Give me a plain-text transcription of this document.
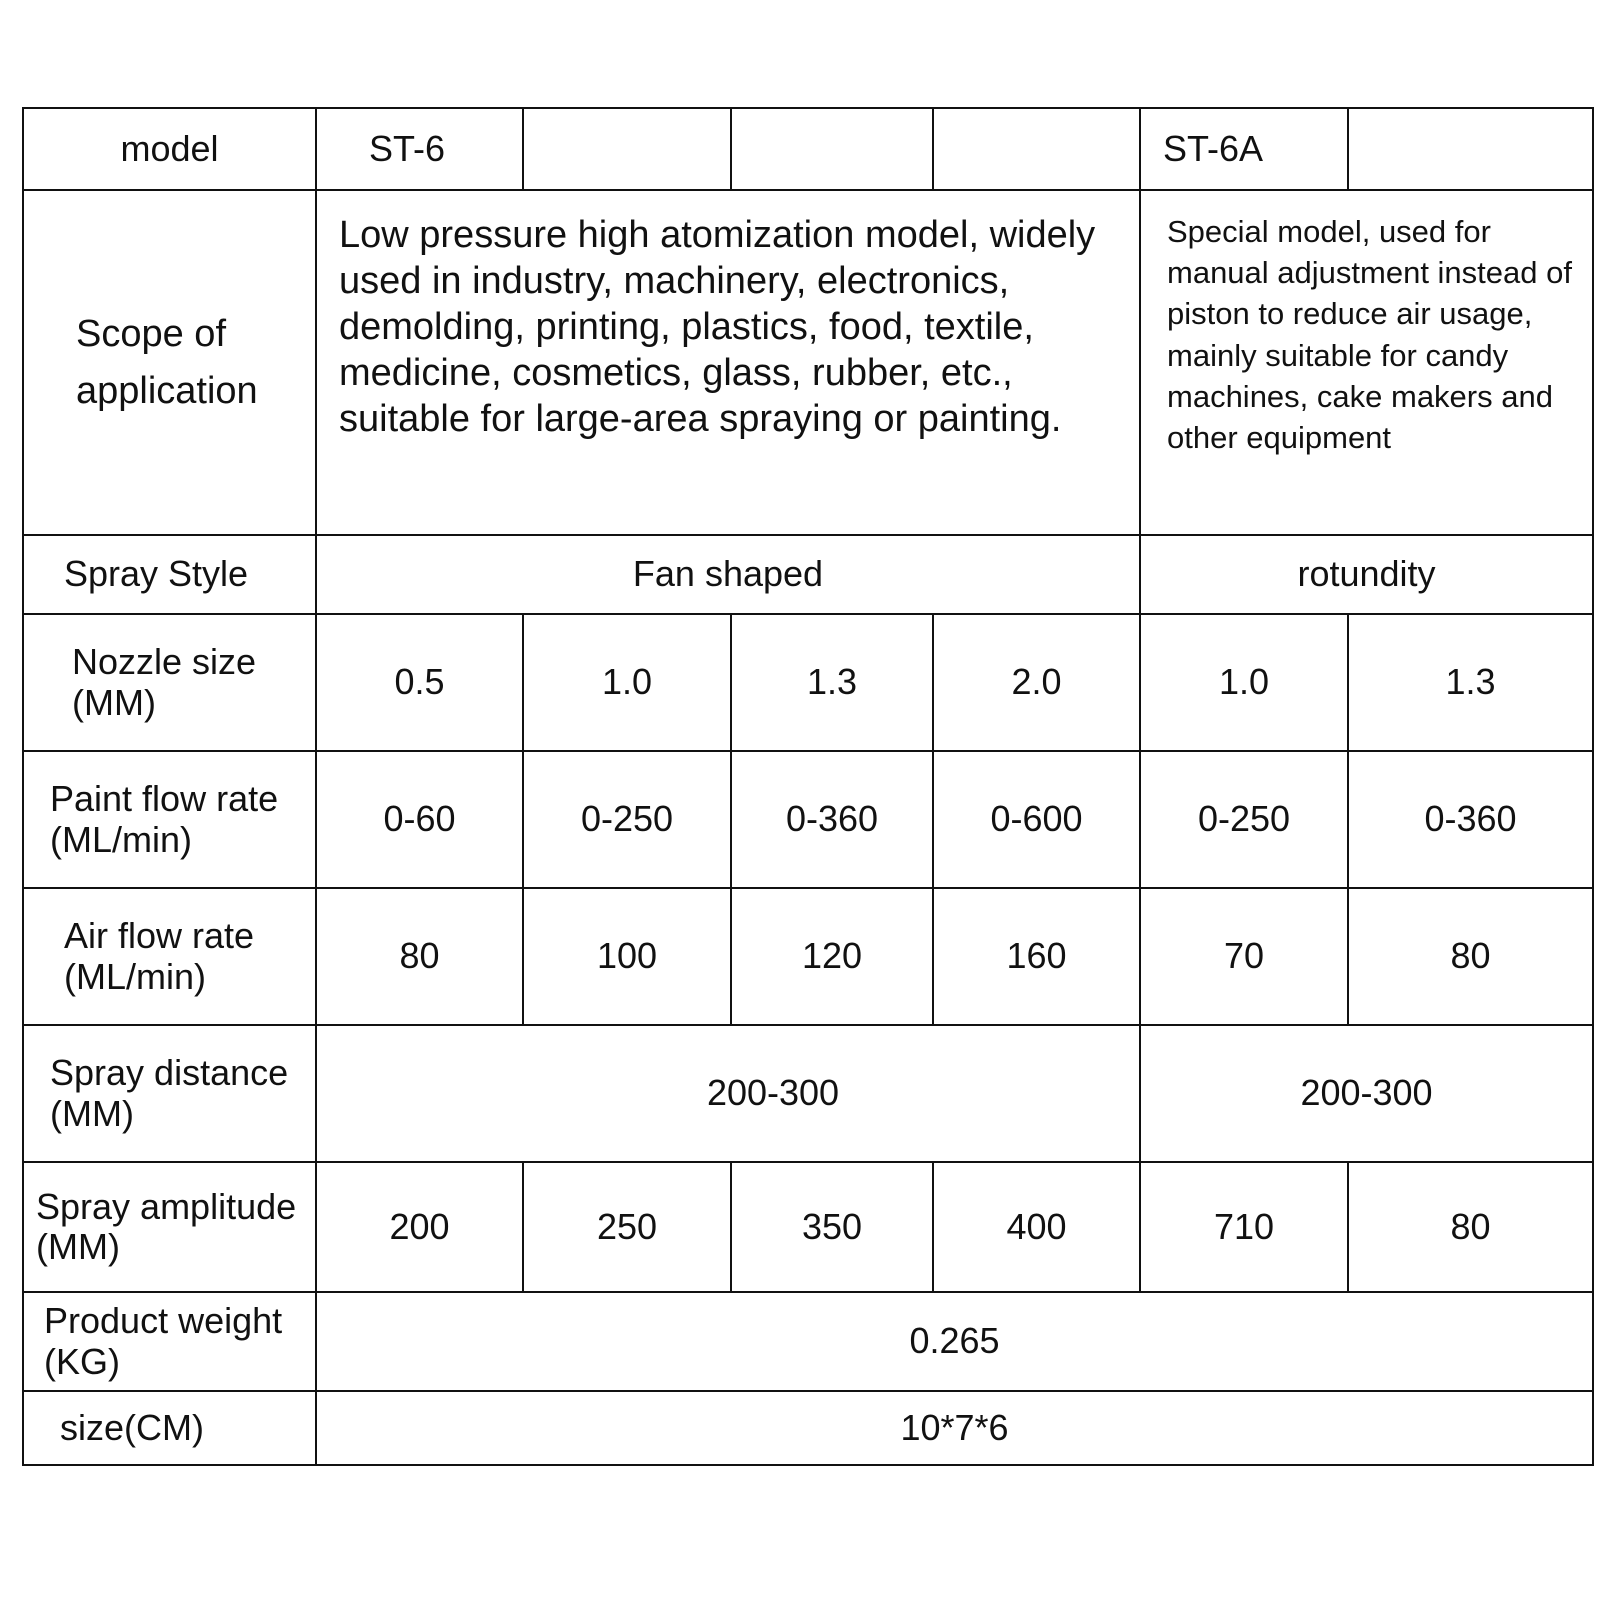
model	ST-6				ST-6A	

Scope of
application	Low pressure high atomization model, widely used in industry, machinery, electronics, demolding, printing, plastics, food, textile, medicine, cosmetics, glass, rubber, etc., suitable for large-area spraying or painting.				Special model, used for manual adjustment instead of piston to reduce air usage, mainly suitable for candy machines, cake makers and other equipment	
Spray Style	Fan shaped				rotundity	

Nozzle size
(MM)	0.5	1.0	1.3	2.0	1.0	1.3

Paint flow rate
(ML/min)	0-60	0-250	0-360	0-600	0-250	0-360

Air flow rate
(ML/min)	80	100	120	160	70	80

Spray distance
(MM)	200-300				200-300	

Spray amplitude
(MM)	200	250	350	400	710	80

Product weight
(KG)	0.265					
size(CM)	10*7*6					
